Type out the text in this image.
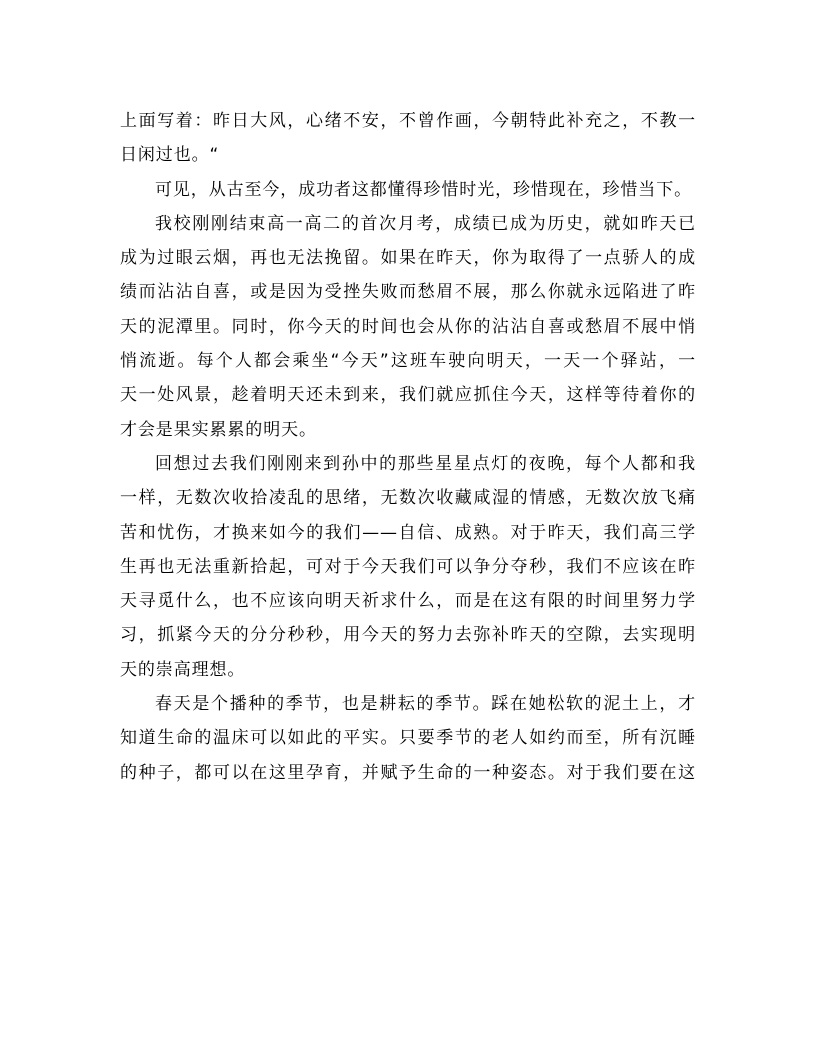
上面写着：昨日大风，心绪不安，不曾作画，今朝特此补充之，不教一
日闲过也。“
可见，从古至今，成功者这都懂得珍惜时光，珍惜现在，珍惜当下。
我校刚刚结束高一高二的首次月考，成绩已成为历史，就如昨天已
成为过眼云烟，再也无法挽留。如果在昨天，你为取得了一点骄人的成
绩而沾沾自喜，或是因为受挫失败而愁眉不展，那么你就永远陷进了昨
天的泥潭里。同时，你今天的时间也会从你的沾沾自喜或愁眉不展中悄
悄流逝。每个人都会乘坐“今天”这班车驶向明天，一天一个驿站，一
天一处风景，趁着明天还未到来，我们就应抓住今天，这样等待着你的
才会是果实累累的明天。
回想过去我们刚刚来到孙中的那些星星点灯的夜晚，每个人都和我
一样，无数次收拾凌乱的思绪，无数次收藏咸湿的情感，无数次放飞痛
苦和忧伤，才换来如今的我们——自信、成熟。对于昨天，我们高三学
生再也无法重新拾起，可对于今天我们可以争分夺秒，我们不应该在昨
天寻觅什么，也不应该向明天祈求什么，而是在这有限的时间里努力学
习，抓紧今天的分分秒秒，用今天的努力去弥补昨天的空隙，去实现明
天的崇高理想。
春天是个播种的季节，也是耕耘的季节。踩在她松软的泥土上，才
知道生命的温床可以如此的平实。只要季节的老人如约而至，所有沉睡
的种子，都可以在这里孕育，并赋予生命的一种姿态。对于我们要在这
